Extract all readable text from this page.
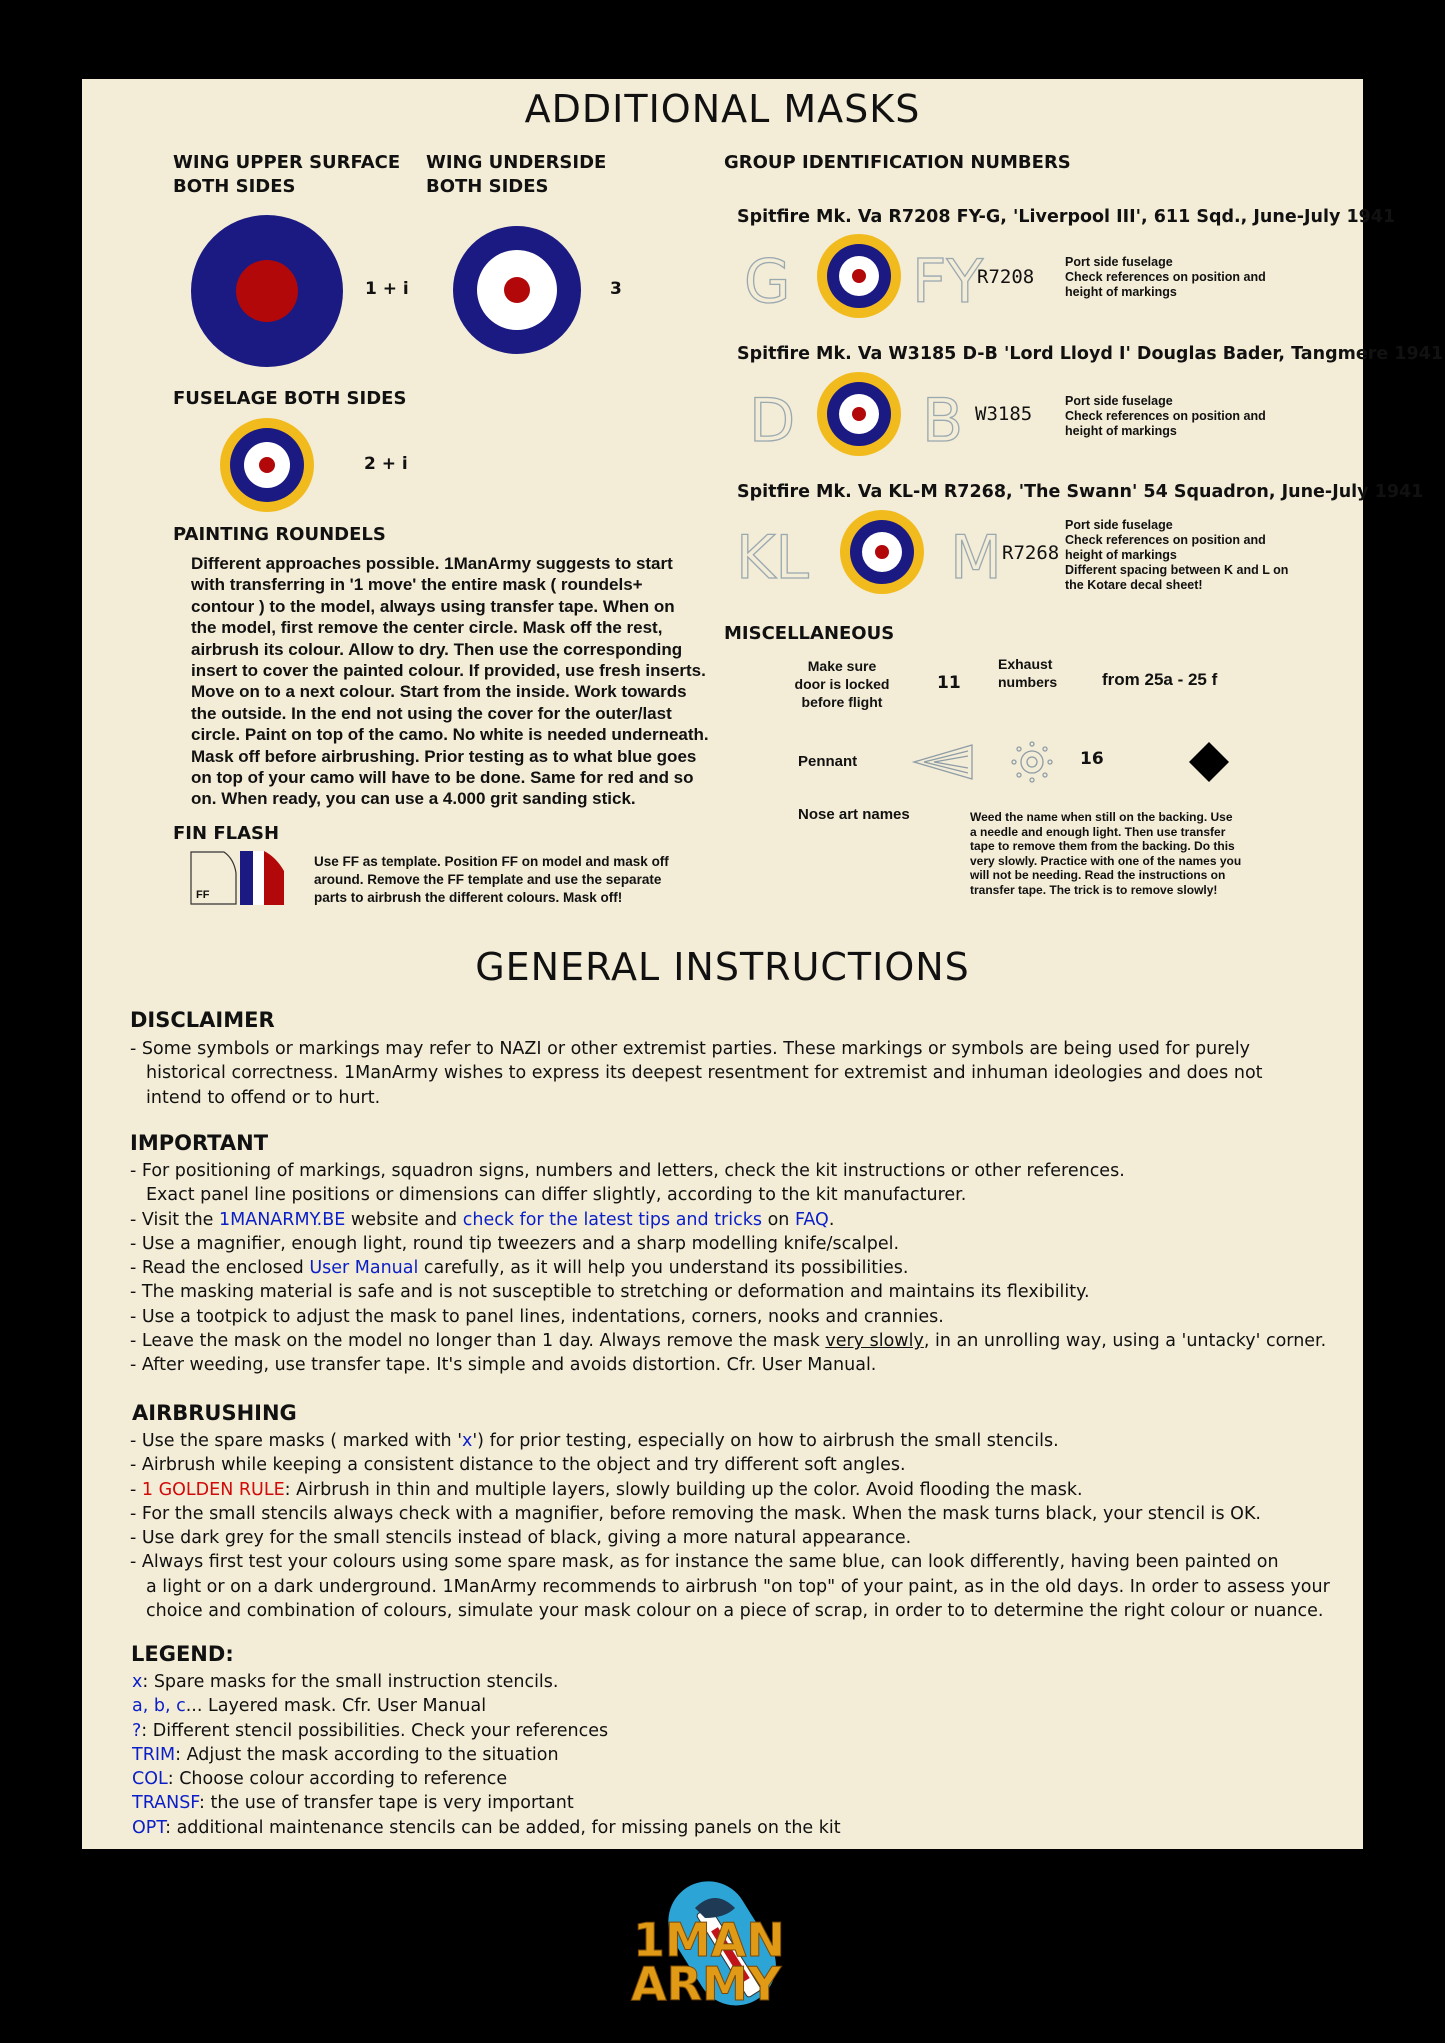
ADDITIONAL MASKS
WING UPPER SURFACE
BOTH SIDES
1 + i
WING UNDERSIDE
BOTH SIDES
3
FUSELAGE BOTH SIDES
2 + i
PAINTING ROUNDELS
Different approaches possible. 1ManArmy suggests to start
with transferring in '1 move' the entire mask ( roundels+
contour ) to the model, always using transfer tape. When on
the model, first remove the center circle. Mask off the rest,
airbrush its colour. Allow to dry. Then use the corresponding
insert to cover the painted colour. If provided, use fresh inserts.
Move on to a next colour. Start from the inside. Work towards
the outside. In the end not using the cover for the outer/last
circle. Paint on top of the camo. No white is needed underneath.
Mask off before airbrushing. Prior testing as to what blue goes
on top of your camo will have to be done. Same for red and so
on. When ready, you can use a 4.000 grit sanding stick.
FIN FLASH
FF
Use FF as template. Position FF on model and mask off
around. Remove the FF template and use the separate
parts to airbrush the different colours. Mask off!
GROUP IDENTIFICATION NUMBERS
Spitfire Mk. Va R7208 FY-G, 'Liverpool III', 611 Sqd., June-July 1941
G FY
R7208
Port side fuselage
Check references on position and
height of markings
Spitfire Mk. Va W3185 D-B 'Lord Lloyd I' Douglas Bader, Tangmere 1941
D B W3185
Port side fuselage
Check references on position and
height of markings
Spitfire Mk. Va KL-M R7268, 'The Swann' 54 Squadron, June-July 1941
KL M R7268
Port side fuselage
Check references on position and
height of markings
Different spacing between K and L on
the Kotare decal sheet!
MISCELLANEOUS
Make sure
door is locked
before flight
11
Exhaust
numbers	from 25a - 25 f
Pennant	16
Nose art names	Weed the name when still on the backing. Use
a needle and enough light. Then use transfer
tape to remove them from the backing. Do this
very slowly. Practice with one of the names you
will not be needing. Read the instructions on
transfer tape. The trick is to remove slowly!
GENERAL INSTRUCTIONS
DISCLAIMER
- Some symbols or markings may refer to NAZI or other extremist parties. These markings or symbols are being used for purely
historical correctness. 1ManArmy wishes to express its deepest resentment for extremist and inhuman ideologies and does not
intend to offend or to hurt.
IMPORTANT
- For positioning of markings, squadron signs, numbers and letters, check the kit instructions or other references.
Exact panel line positions or dimensions can differ slightly, according to the kit manufacturer.
- Visit the 1MANARMY.BE website and check for the latest tips and tricks on FAQ.
- Use a magnifier, enough light, round tip tweezers and a sharp modelling knife/scalpel.
- Read the enclosed User Manual carefully, as it will help you understand its possibilities.
- The masking material is safe and is not susceptible to stretching or deformation and maintains its flexibility.
- Use a tootpick to adjust the mask to panel lines, indentations, corners, nooks and crannies.
- Leave the mask on the model no longer than 1 day. Always remove the mask very slowly, in an unrolling way, using a 'untacky' corner.
- After weeding, use transfer tape. It's simple and avoids distortion. Cfr. User Manual.
AIRBRUSHING
- Use the spare masks ( marked with 'x') for prior testing, especially on how to airbrush the small stencils.
- Airbrush while keeping a consistent distance to the object and try different soft angles.
- 1 GOLDEN RULE: Airbrush in thin and multiple layers, slowly building up the color. Avoid flooding the mask.
- For the small stencils always check with a magnifier, before removing the mask. When the mask turns black, your stencil is OK.
- Use dark grey for the small stencils instead of black, giving a more natural appearance.
- Always first test your colours using some spare mask, as for instance the same blue, can look differently, having been painted on
a light or on a dark underground. 1ManArmy recommends to airbrush "on top" of your paint, as in the old days. In order to assess your
choice and combination of colours, simulate your mask colour on a piece of scrap, in order to to determine the right colour or nuance.
LEGEND:
x: Spare masks for the small instruction stencils.
a, b, c... Layered mask. Cfr. User Manual
?: Different stencil possibilities. Check your references
TRIM: Adjust the mask according to the situation
COL: Choose colour according to reference
TRANSF: the use of transfer tape is very important
OPT: additional maintenance stencils can be added, for missing panels on the kit
1MAN
ARMY
